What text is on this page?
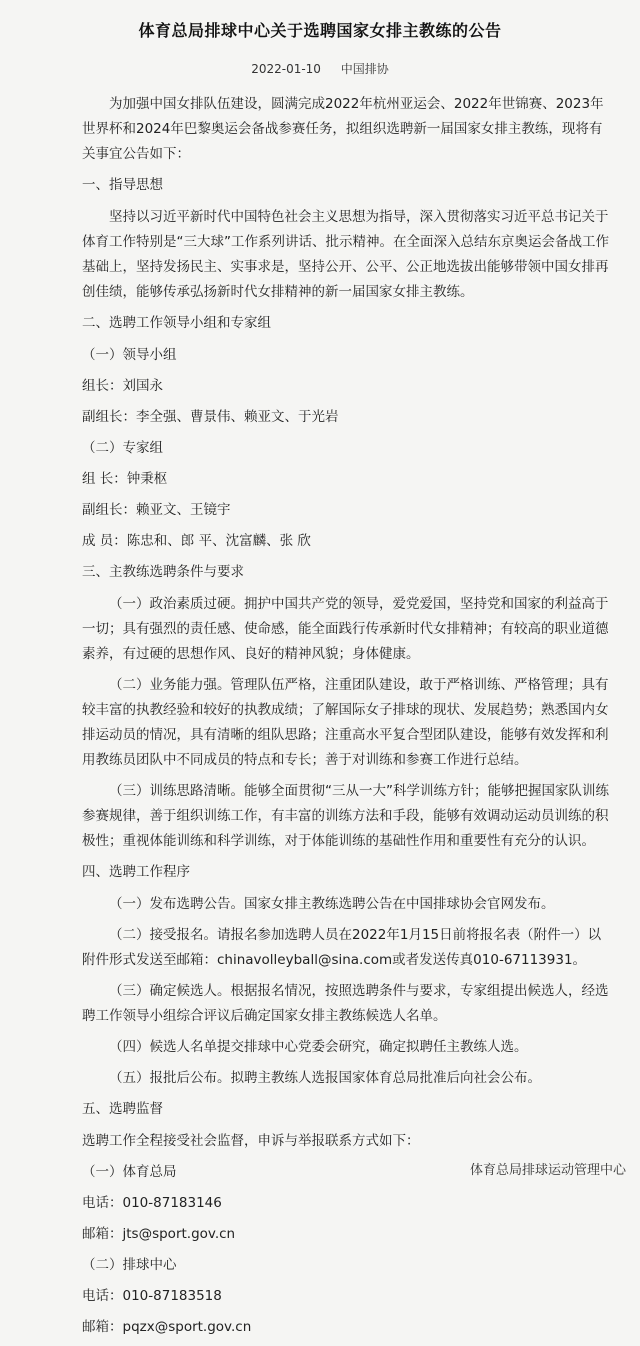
体育总局排球中心关于选聘国家女排主教练的公告
2022-01-10 中国排协
为加强中国女排队伍建设，圆满完成2022年杭州亚运会、2022年世锦赛、2023年世界杯和2024年巴黎奥运会备战参赛任务，拟组织选聘新一届国家女排主教练，现将有关事宜公告如下：
一、指导思想
坚持以习近平新时代中国特色社会主义思想为指导，深入贯彻落实习近平总书记关于体育工作特别是“三大球”工作系列讲话、批示精神。在全面深入总结东京奥运会备战工作基础上，坚持发扬民主、实事求是，坚持公开、公平、公正地选拔出能够带领中国女排再创佳绩，能够传承弘扬新时代女排精神的新一届国家女排主教练。
二、选聘工作领导小组和专家组
（一）领导小组
组长：刘国永
副组长：李全强、曹景伟、赖亚文、于光岩
（二）专家组
组 长：钟秉枢
副组长：赖亚文、王镜宇
成 员：陈忠和、郎 平、沈富麟、张 欣
三、主教练选聘条件与要求
（一）政治素质过硬。拥护中国共产党的领导，爱党爱国，坚持党和国家的利益高于一切；具有强烈的责任感、使命感，能全面践行传承新时代女排精神；有较高的职业道德素养，有过硬的思想作风、良好的精神风貌；身体健康。
（二）业务能力强。管理队伍严格，注重团队建设，敢于严格训练、严格管理；具有较丰富的执教经验和较好的执教成绩；了解国际女子排球的现状、发展趋势；熟悉国内女排运动员的情况，具有清晰的组队思路；注重高水平复合型团队建设，能够有效发挥和利用教练员团队中不同成员的特点和专长；善于对训练和参赛工作进行总结。
（三）训练思路清晰。能够全面贯彻“三从一大”科学训练方针；能够把握国家队训练参赛规律，善于组织训练工作，有丰富的训练方法和手段，能够有效调动运动员训练的积极性；重视体能训练和科学训练，对于体能训练的基础性作用和重要性有充分的认识。
四、选聘工作程序
（一）发布选聘公告。国家女排主教练选聘公告在中国排球协会官网发布。
（二）接受报名。请报名参加选聘人员在2022年1月15日前将报名表（附件一）以附件形式发送至邮箱：chinavolleyball@sina.com或者发送传真010-67113931。
（三）确定候选人。根据报名情况，按照选聘条件与要求，专家组提出候选人，经选聘工作领导小组综合评议后确定国家女排主教练候选人名单。
（四）候选人名单提交排球中心党委会研究，确定拟聘任主教练人选。
（五）报批后公布。拟聘主教练人选报国家体育总局批准后向社会公布。
五、选聘监督
选聘工作全程接受社会监督，申诉与举报联系方式如下：
（一）体育总局
电话：010-87183146
邮箱：jts@sport.gov.cn
（二）排球中心
电话：010-87183518
邮箱：pqzx@sport.gov.cn
体育总局排球运动管理中心
